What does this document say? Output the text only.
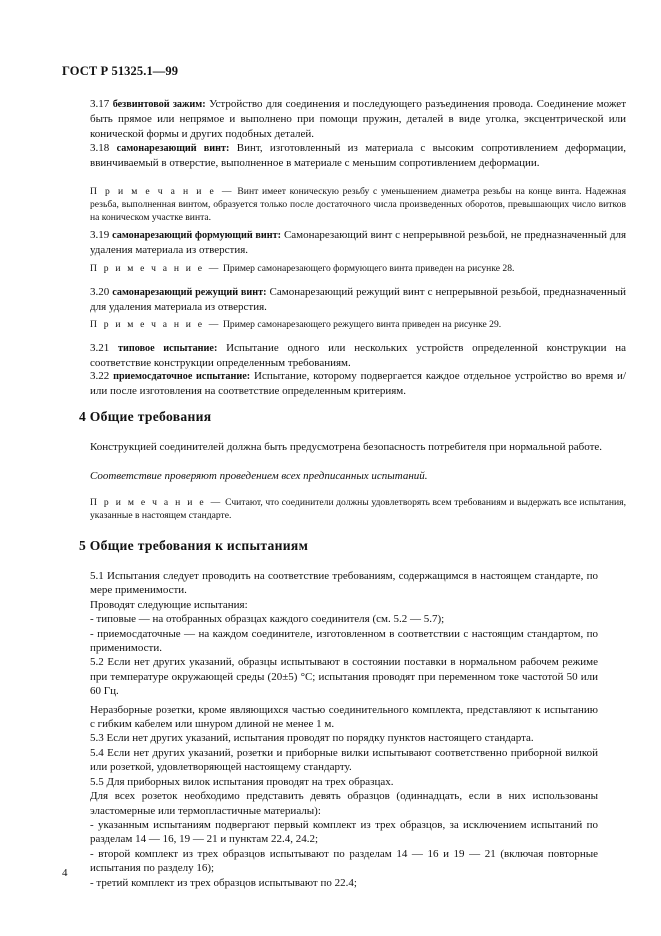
ГОСТ Р 51325.1—99

3.17 безвинтовой зажим: Устройство для соединения и последующего разъединения провода. Соединение может быть прямое или непрямое и выполнено при помощи пружин, деталей в виде уголка, эксцентрической или конической формы и других подобных деталей.

3.18 самонарезающий винт: Винт, изготовленный из материала с высоким сопротивлением деформации, ввинчиваемый в отверстие, выполненное в материале с меньшим сопротивлением деформации.

П р и м е ч а н и е — Винт имеет коническую резьбу с уменьшением диаметра резьбы на конце винта. Надежная резьба, выполненная винтом, образуется только после достаточного числа произведенных оборотов, превышающих число витков на коническом участке винта.

3.19 самонарезающий формующий винт: Самонарезающий винт с непрерывной резьбой, не предназначенный для удаления материала из отверстия.

П р и м е ч а н и е — Пример самонарезающего формующего винта приведен на рисунке 28.

3.20 самонарезающий режущий винт: Самонарезающий режущий винт с непрерывной резьбой, предназначенный для удаления материала из отверстия.

П р и м е ч а н и е — Пример самонарезающего режущего винта приведен на рисунке 29.

3.21 типовое испытание: Испытание одного или нескольких устройств определенной конструкции на соответствие конструкции определенным требованиям.

3.22 приемосдаточное испытание: Испытание, которому подвергается каждое отдельное устройство во время и/или после изготовления на соответствие определенным критериям.

4 Общие требования

Конструкцией соединителей должна быть предусмотрена безопасность потребителя при нормальной работе.

Соответствие проверяют проведением всех предписанных испытаний.

П р и м е ч а н и е — Считают, что соединители должны удовлетворять всем требованиям и выдержать все испытания, указанные в настоящем стандарте.

5 Общие требования к испытаниям
5.1 Испытания следует проводить на соответствие требованиям, содержащимся в настоящем стандарте, по мере применимости.
Проводят следующие испытания:
- типовые — на отобранных образцах каждого соединителя (см. 5.2 — 5.7);
- приемосдаточные — на каждом соединителе, изготовленном в соответствии с настоящим стандартом, по применимости.
5.2 Если нет других указаний, образцы испытывают в состоянии поставки в нормальном рабочем режиме при температуре окружающей среды (20±5) °С; испытания проводят при переменном токе частотой 50 или 60 Гц.
Неразборные розетки, кроме являющихся частью соединительного комплекта, представляют к испытанию с гибким кабелем или шнуром длиной не менее 1 м.
5.3 Если нет других указаний, испытания проводят по порядку пунктов настоящего стандарта.
5.4 Если нет других указаний, розетки и приборные вилки испытывают соответственно приборной вилкой или розеткой, удовлетворяющей настоящему стандарту.
5.5 Для приборных вилок испытания проводят на трех образцах.
Для всех розеток необходимо представить девять образцов (одиннадцать, если в них использованы эластомерные или термопластичные материалы):
- указанным испытаниям подвергают первый комплект из трех образцов, за исключением испытаний по разделам 14 — 16, 19 — 21 и пунктам 22.4, 24.2;
- второй комплект из трех образцов испытывают по разделам 14 — 16 и 19 — 21 (включая повторные испытания по разделу 16);
- третий комплект из трех образцов испытывают по 22.4;
4
